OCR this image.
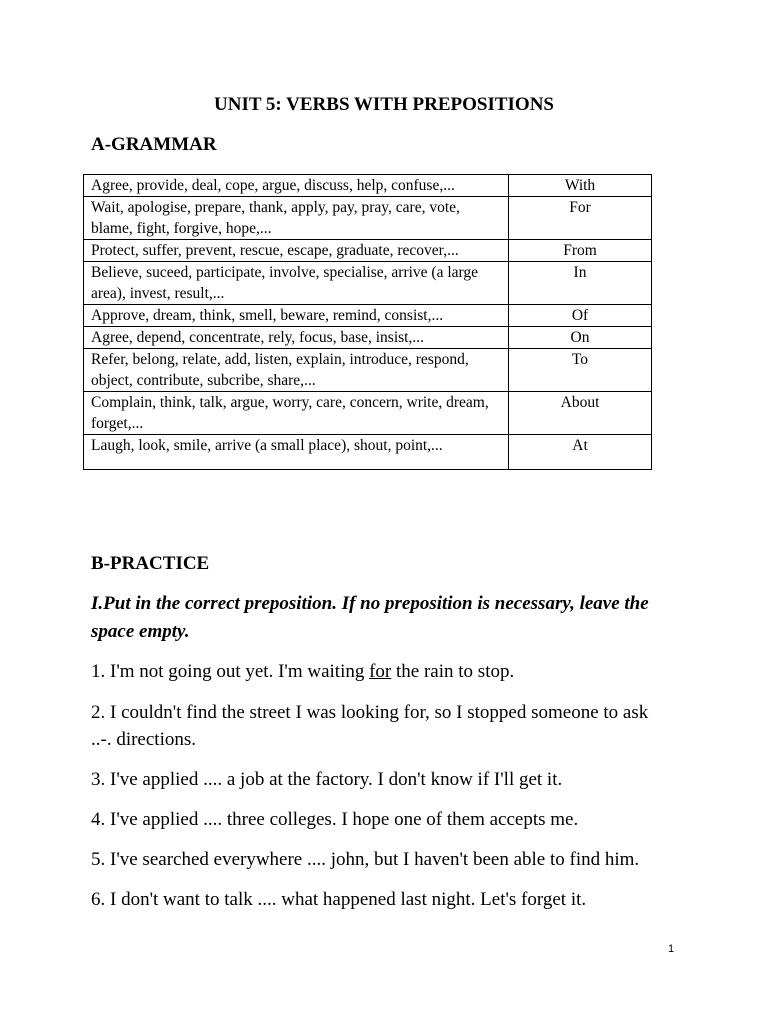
UNIT 5: VERBS WITH PREPOSITIONS
A-GRAMMAR
Agree, provide, deal, cope, argue, discuss, help, confuse,...	With
Wait, apologise, prepare, thank, apply, pay, pray, care, vote, blame, fight, forgive, hope,...	For
Protect, suffer, prevent, rescue, escape, graduate, recover,...	From
Believe, suceed, participate, involve, specialise, arrive (a large area), invest, result,...	In
Approve, dream, think, smell, beware, remind, consist,...	Of
Agree, depend, concentrate, rely, focus, base, insist,...	On
Refer, belong, relate, add, listen, explain, introduce, respond, object, contribute, subcribe, share,...	To
Complain, think, talk, argue, worry, care, concern, write, dream, forget,...	About
Laugh, look, smile, arrive (a small place), shout, point,...	At
B-PRACTICE
I.Put in the correct preposition. If no preposition is necessary, leave the space empty.
1. I'm not going out yet. I'm waiting for the rain to stop.
2. I couldn't find the street I was looking for, so I stopped someone to ask ..-. directions.
3. I've applied .... a job at the factory. I don't know if I'll get it.
4. I've applied .... three colleges. I hope one of them accepts me.
5. I've searched everywhere .... john, but I haven't been able to find him.
6. I don't want to talk .... what happened last night. Let's forget it.
1
